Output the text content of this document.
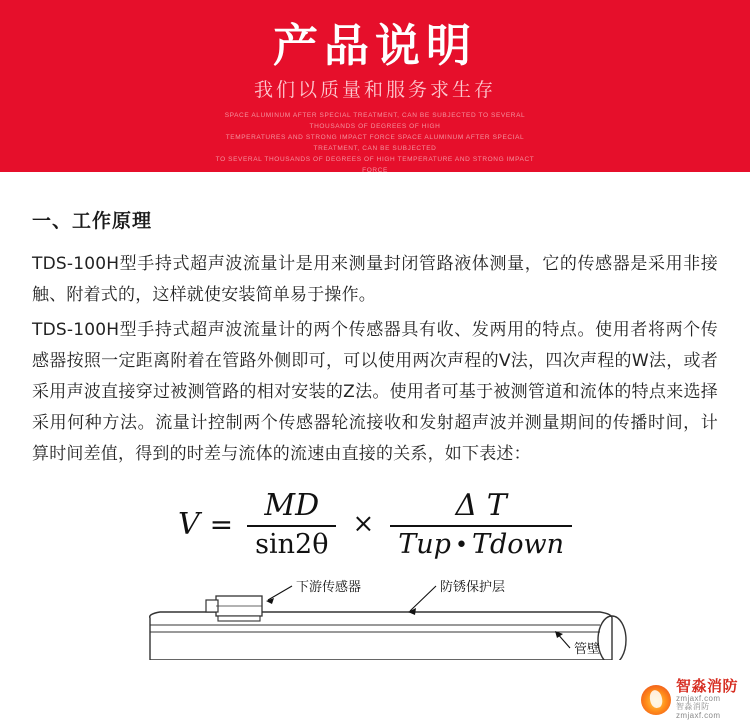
产品说明
我们以质量和服务求生存
SPACE ALUMINUM AFTER SPECIAL TREATMENT, CAN BE SUBJECTED TO SEVERAL THOUSANDS OF DEGREES OF HIGH
TEMPERATURES AND STRONG IMPACT FORCE SPACE ALUMINUM AFTER SPECIAL TREATMENT, CAN BE SUBJECTED
TO SEVERAL THOUSANDS OF DEGREES OF HIGH TEMPERATURE AND STRONG IMPACT FORCE
一、工作原理

TDS-100H型手持式超声波流量计是用来测量封闭管路液体测量，它的传感器是采用非接触、附着式的，这样就使安装简单易于操作。

TDS-100H型手持式超声波流量计的两个传感器具有收、发两用的特点。使用者将两个传感器按照一定距离附着在管路外侧即可，可以使用两次声程的V法，四次声程的W法，或者采用声波直接穿过被测管路的相对安装的Z法。使用者可基于被测管道和流体的特点来选择采用何种方法。流量计控制两个传感器轮流接收和发射超声波并测量期间的传播时间，计算时间差值，得到的时差与流体的流速由直接的关系，如下表述：

$V = \frac{MD}{\sin 2\theta} \times \frac{\text{Δ T}}{\text{Tup • Tdown}}$
下游传感器	防锈保护层
管壁
智淼消防
zmjaxf.com
智淼消防
zmjaxf.com
